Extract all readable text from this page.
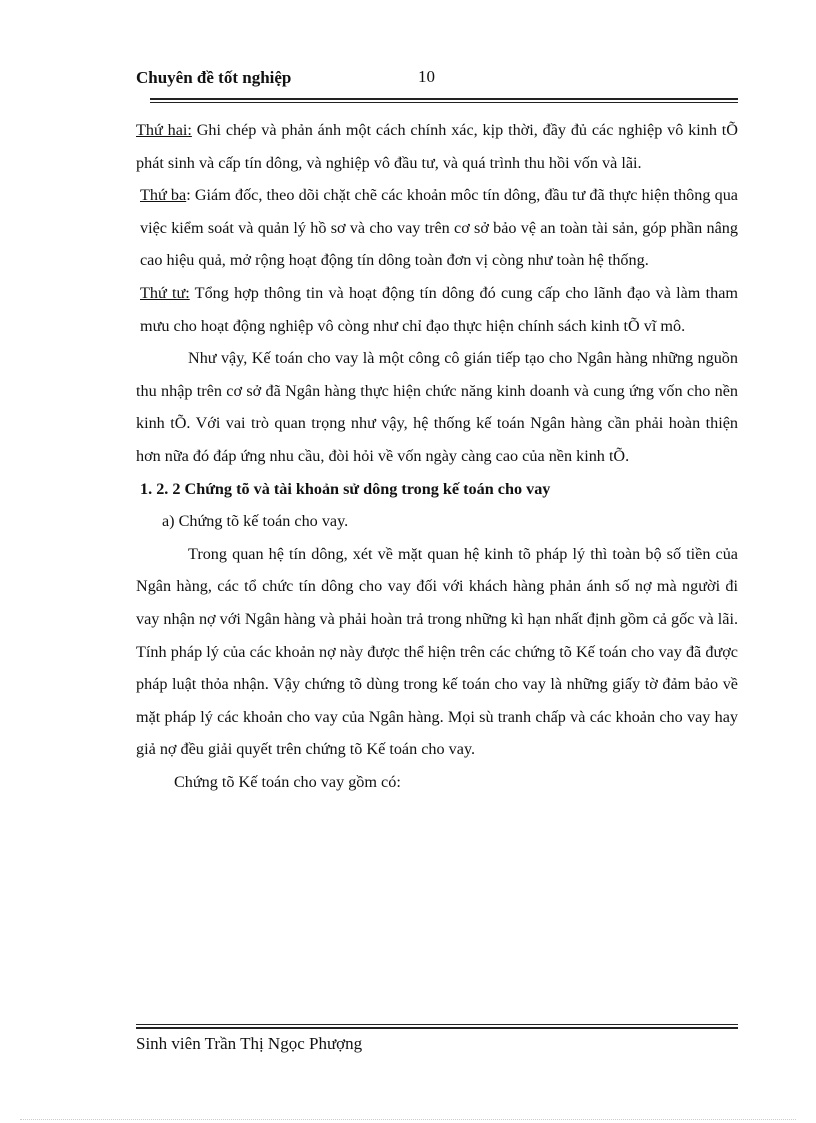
Chuyên đề tốt nghiệp	10

Thứ hai: Ghi chép và phản ánh một cách chính xác, kịp thời, đầy đủ các nghiệp vô kinh tÕ phát sinh và cấp tín dông, và nghiệp vô đầu tư, và quá trình thu hồi vốn và lãi.

Thứ ba: Giám đốc, theo dõi chặt chẽ các khoản môc tín dông, đầu tư đã thực hiện thông qua việc kiểm soát và quản lý hồ sơ và cho vay trên cơ sở bảo vệ an toàn tài sản, góp phần nâng cao hiệu quả, mở rộng hoạt động tín dông toàn đơn vị còng như toàn hệ thống.

Thứ tư: Tổng hợp thông tin và hoạt động tín dông đó cung cấp cho lãnh đạo và làm tham mưu cho hoạt động nghiệp vô còng như chỉ đạo thực hiện chính sách kinh tÕ vĩ mô.

Như vậy, Kế toán cho vay là một công cô gián tiếp tạo cho Ngân hàng những nguồn thu nhập trên cơ sở đã Ngân hàng thực hiện chức năng kinh doanh và cung ứng vốn cho nền kinh tÕ. Với vai trò quan trọng như vậy, hệ thống kế toán Ngân hàng cần phải hoàn thiện hơn nữa đó đáp ứng nhu cầu, đòi hỏi về vốn ngày càng cao của nền kinh tÕ.

1. 2. 2 Chứng tõ và tài khoản sử dông trong kế toán cho vay

a) Chứng tõ kế toán cho vay.

Trong quan hệ tín dông, xét về mặt quan hệ kinh tõ pháp lý thì toàn bộ số tiền của Ngân hàng, các tổ chức tín dông cho vay đối với khách hàng phản ánh số nợ mà người đi vay nhận nợ với Ngân hàng và phải hoàn trả trong những kì hạn nhất định gồm cả gốc và lãi. Tính pháp lý của các khoản nợ này được thể hiện trên các chứng tõ Kế toán cho vay đã được pháp luật thỏa nhận. Vậy chứng tõ dùng trong kế toán cho vay là những giấy tờ đảm bảo về mặt pháp lý các khoản cho vay của Ngân hàng. Mọi sù tranh chấp và các khoản cho vay hay giả nợ đều giải quyết trên chứng tõ Kế toán cho vay.

Chứng tõ Kế toán cho vay gồm có:

Sinh viên Trần Thị Ngọc Phượng
